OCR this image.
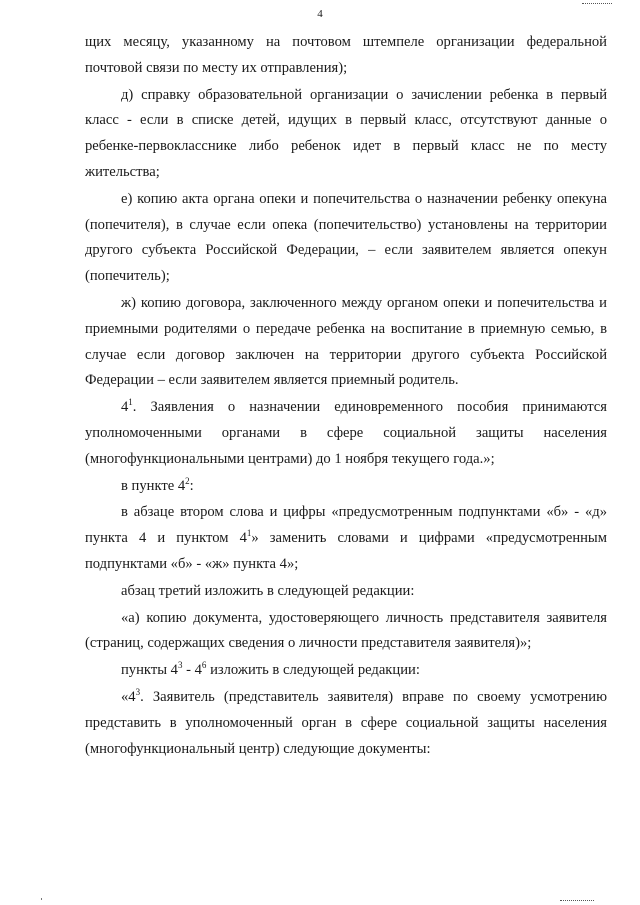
4

щих месяцу, указанному на почтовом штемпеле организации федеральной почтовой связи по месту их отправления);

д) справку образовательной организации о зачислении ребенка в первый класс - если в списке детей, идущих в первый класс, отсутствуют данные о ребенке-первокласснике либо ребенок идет в первый класс не по месту жительства;

е) копию акта органа опеки и попечительства о назначении ребенку опекуна (попечителя), в случае если опека (попечительство) установлены на территории другого субъекта Российской Федерации, – если заявителем является опекун (попечитель);

ж) копию договора, заключенного между органом опеки и попечительства и приемными родителями о передаче ребенка на воспитание в приемную семью, в случае если договор заключен на территории другого субъекта Российской Федерации – если заявителем является приемный родитель.

$4^1$. Заявления о назначении единовременного пособия принимаются уполномоченными органами в сфере социальной защиты населения (многофункциональными центрами) до 1 ноября текущего года.»;

в пункте $4^2$:

в абзаце втором слова и цифры «предусмотренным подпунктами «б» - «д» пункта 4 и пунктом $4^1$» заменить словами и цифрами «предусмотренным подпунктами «б» - «ж» пункта 4»;

абзац третий изложить в следующей редакции:

«а) копию документа, удостоверяющего личность представителя заявителя (страниц, содержащих сведения о личности представителя заявителя)»;

пункты $4^3 - 4^6$ изложить в следующей редакции:

«$4^3$. Заявитель (представитель заявителя) вправе по своему усмотрению представить в уполномоченный орган в сфере социальной защиты населения (многофункциональный центр) следующие документы:
